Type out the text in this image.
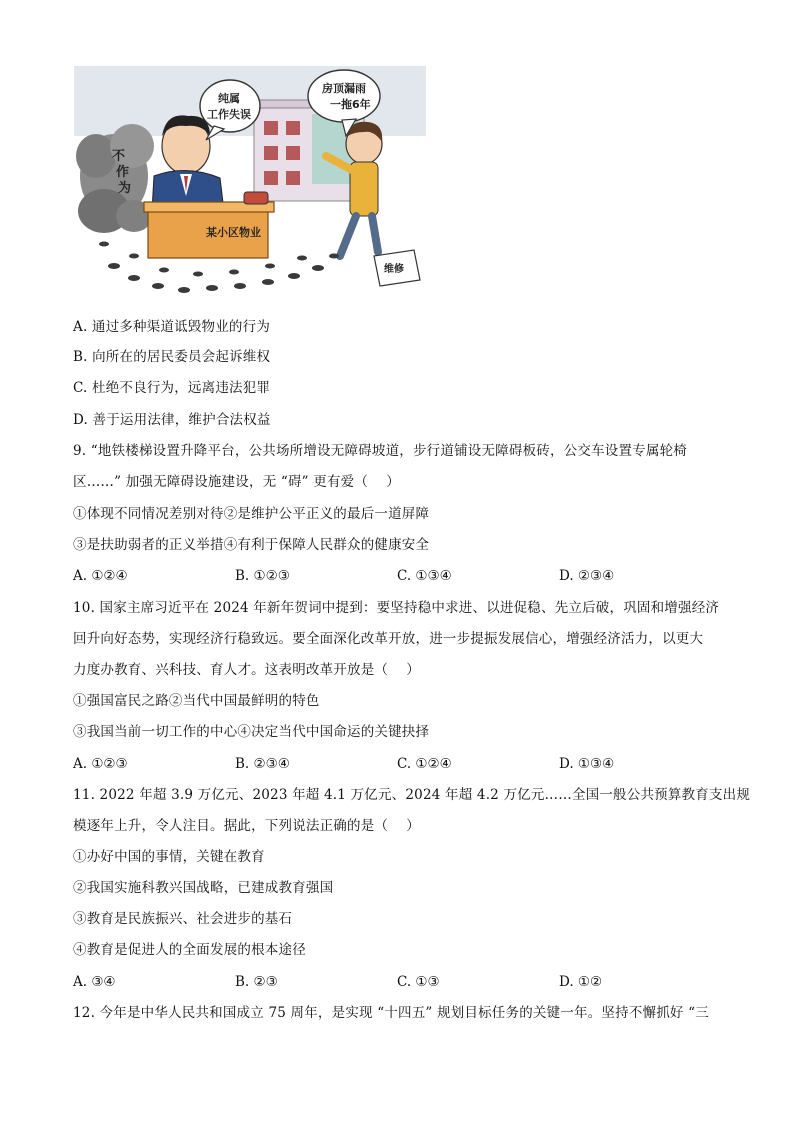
不
作
为
某小区物业
纯属
工作失误
房顶漏雨
一拖6年
维修
A. 通过多种渠道诋毁物业的行为
B. 向所在的居民委员会起诉维权
C. 杜绝不良行为，远离违法犯罪
D. 善于运用法律，维护合法权益
9. “地铁楼梯设置升降平台，公共场所增设无障碍坡道，步行道铺设无障碍板砖，公交车设置专属轮椅
区……” 加强无障碍设施建设，无 “碍” 更有爱（　 ）
①体现不同情况差别对待②是维护公平正义的最后一道屏障
③是扶助弱者的正义举措④有利于保障人民群众的健康安全
A. ①②④	B. ①②③	C. ①③④	D. ②③④
10. 国家主席习近平在 2024 年新年贺词中提到：要坚持稳中求进、以进促稳、先立后破，巩固和增强经济
回升向好态势，实现经济行稳致远。要全面深化改革开放，进一步提振发展信心，增强经济活力，以更大
力度办教育、兴科技、育人才。这表明改革开放是（　 ）
①强国富民之路②当代中国最鲜明的特色
③我国当前一切工作的中心④决定当代中国命运的关键抉择
A. ①②③	B. ②③④	C. ①②④	D. ①③④
11. 2022 年超 3.9 万亿元、2023 年超 4.1 万亿元、2024 年超 4.2 万亿元……全国一般公共预算教育支出规
模逐年上升，令人注目。据此，下列说法正确的是（　 ）
①办好中国的事情，关键在教育
②我国实施科教兴国战略，已建成教育强国
③教育是民族振兴、社会进步的基石
④教育是促进人的全面发展的根本途径
A. ③④	B. ②③	C. ①③	D. ①②
12. 今年是中华人民共和国成立 75 周年，是实现 “十四五” 规划目标任务的关键一年。坚持不懈抓好 “三
